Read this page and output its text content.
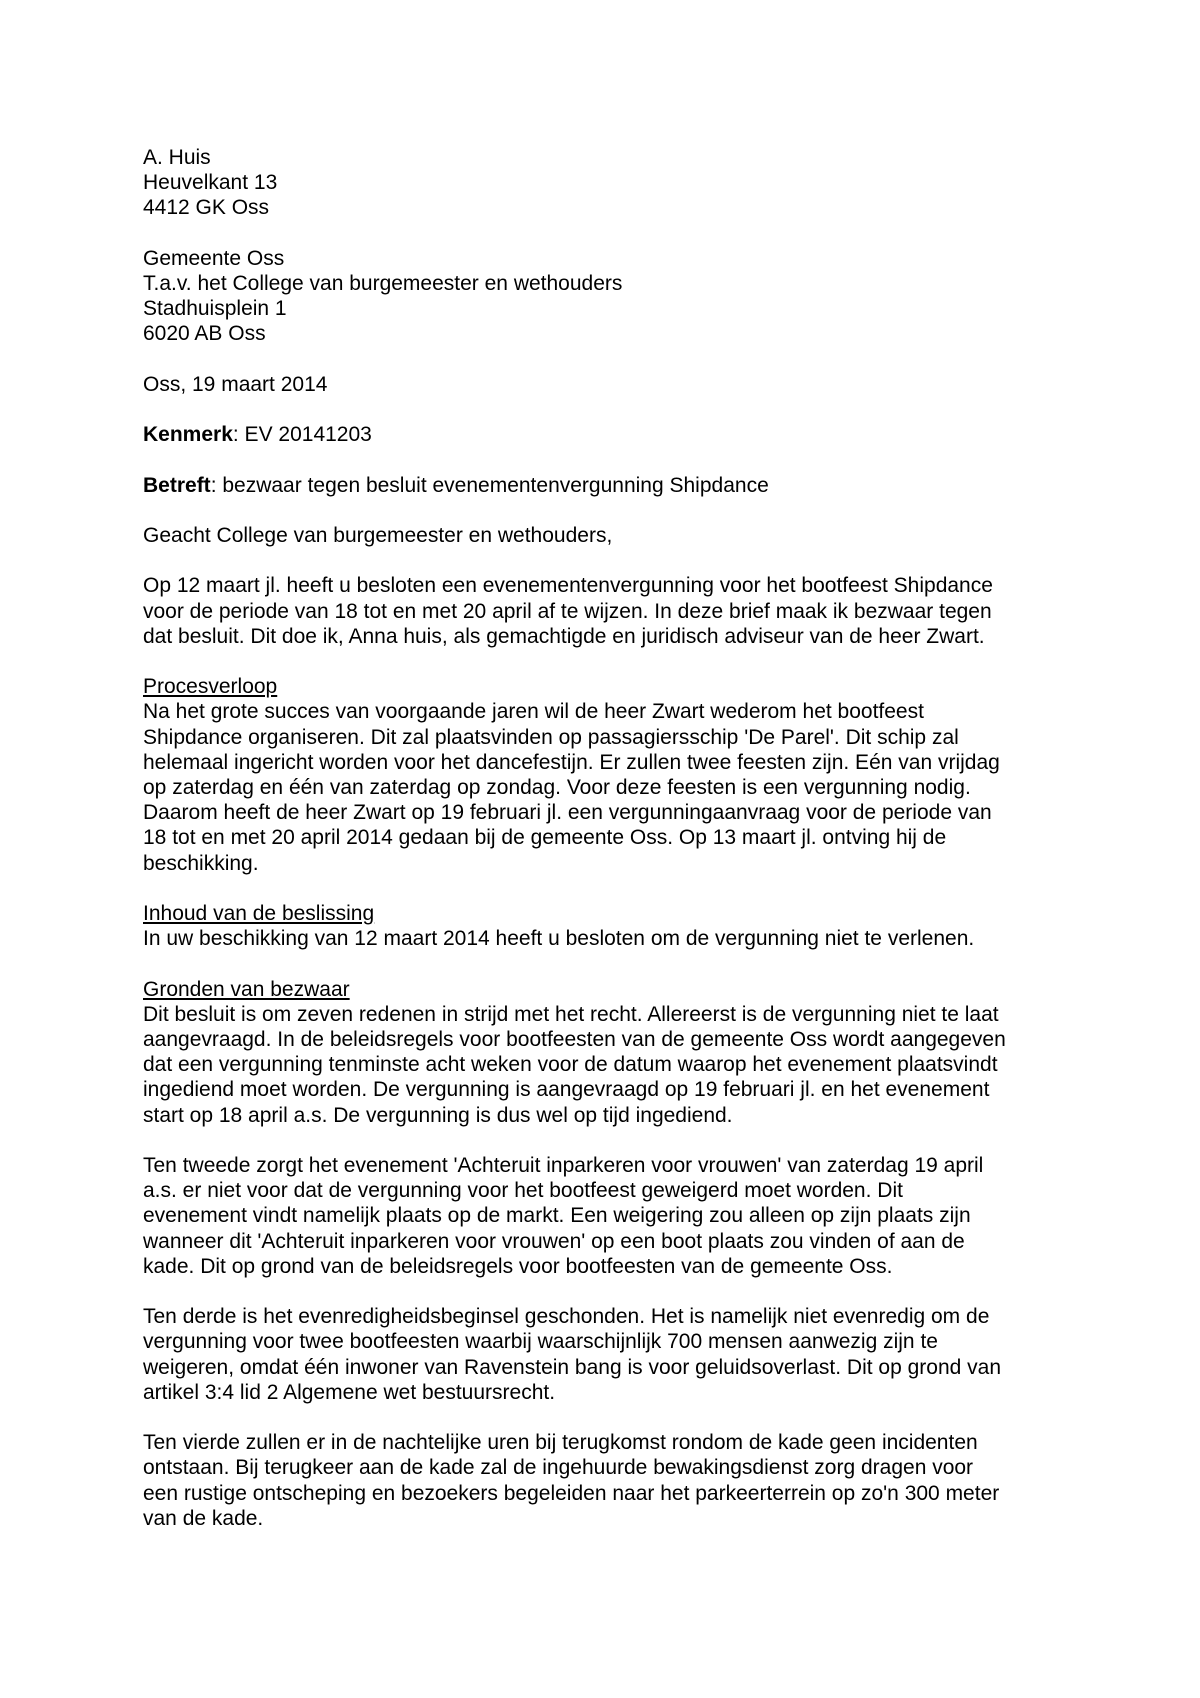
A. Huis
Heuvelkant 13
4412 GK Oss
Gemeente Oss
T.a.v. het College van burgemeester en wethouders
Stadhuisplein 1
6020 AB Oss
Oss, 19 maart 2014
Kenmerk: EV 20141203
Betreft: bezwaar tegen besluit evenementenvergunning Shipdance
Geacht College van burgemeester en wethouders,
Op 12 maart jl. heeft u besloten een evenementenvergunning voor het bootfeest Shipdance
voor de periode van 18 tot en met 20 april af te wijzen. In deze brief maak ik bezwaar tegen
dat besluit. Dit doe ik, Anna huis, als gemachtigde en juridisch adviseur van de heer Zwart.
Procesverloop
Na het grote succes van voorgaande jaren wil de heer Zwart wederom het bootfeest
Shipdance organiseren. Dit zal plaatsvinden op passagiersschip 'De Parel'. Dit schip zal
helemaal ingericht worden voor het dancefestijn. Er zullen twee feesten zijn. Eén van vrijdag
op zaterdag en één van zaterdag op zondag. Voor deze feesten is een vergunning nodig.
Daarom heeft de heer Zwart op 19 februari jl. een vergunningaanvraag voor de periode van
18 tot en met 20 april 2014 gedaan bij de gemeente Oss. Op 13 maart jl. ontving hij de
beschikking.
Inhoud van de beslissing
In uw beschikking van 12 maart 2014 heeft u besloten om de vergunning niet te verlenen.
Gronden van bezwaar
Dit besluit is om zeven redenen in strijd met het recht. Allereerst is de vergunning niet te laat
aangevraagd. In de beleidsregels voor bootfeesten van de gemeente Oss wordt aangegeven
dat een vergunning tenminste acht weken voor de datum waarop het evenement plaatsvindt
ingediend moet worden. De vergunning is aangevraagd op 19 februari jl. en het evenement
start op 18 april a.s. De vergunning is dus wel op tijd ingediend.
Ten tweede zorgt het evenement 'Achteruit inparkeren voor vrouwen' van zaterdag 19 april
a.s. er niet voor dat de vergunning voor het bootfeest geweigerd moet worden. Dit
evenement vindt namelijk plaats op de markt. Een weigering zou alleen op zijn plaats zijn
wanneer dit 'Achteruit inparkeren voor vrouwen' op een boot plaats zou vinden of aan de
kade. Dit op grond van de beleidsregels voor bootfeesten van de gemeente Oss.
Ten derde is het evenredigheidsbeginsel geschonden. Het is namelijk niet evenredig om de
vergunning voor twee bootfeesten waarbij waarschijnlijk 700 mensen aanwezig zijn te
weigeren, omdat één inwoner van Ravenstein bang is voor geluidsoverlast. Dit op grond van
artikel 3:4 lid 2 Algemene wet bestuursrecht.
Ten vierde zullen er in de nachtelijke uren bij terugkomst rondom de kade geen incidenten
ontstaan. Bij terugkeer aan de kade zal de ingehuurde bewakingsdienst zorg dragen voor
een rustige ontscheping en bezoekers begeleiden naar het parkeerterrein op zo'n 300 meter
van de kade.
